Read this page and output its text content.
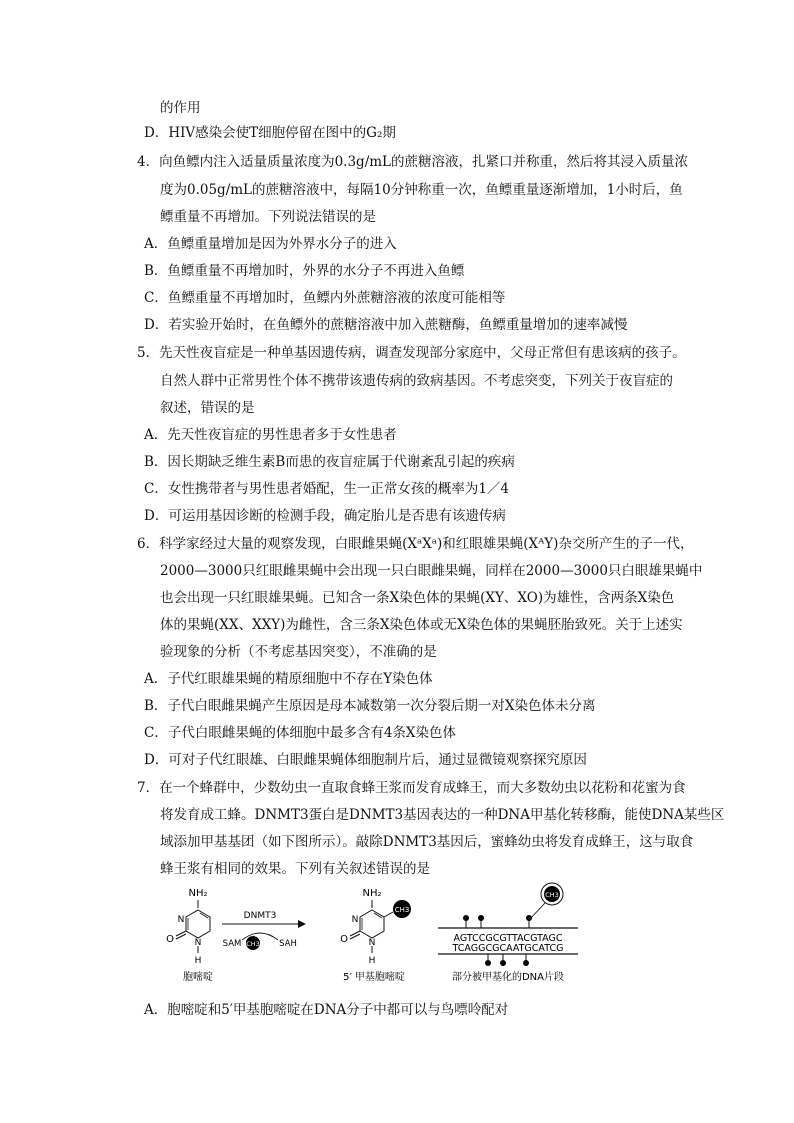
的作用
D．HIV感染会使T细胞停留在图中的G₂期
4．向鱼鳔内注入适量质量浓度为0.3g/mL的蔗糖溶液，扎紧口并称重，然后将其浸入质量浓
度为0.05g/mL的蔗糖溶液中，每隔10分钟称重一次，鱼鳔重量逐渐增加，1小时后，鱼
鳔重量不再增加。下列说法错误的是
A．鱼鳔重量增加是因为外界水分子的进入
B．鱼鳔重量不再增加时，外界的水分子不再进入鱼鳔
C．鱼鳔重量不再增加时，鱼鳔内外蔗糖溶液的浓度可能相等
D．若实验开始时，在鱼鳔外的蔗糖溶液中加入蔗糖酶，鱼鳔重量增加的速率减慢
5．先天性夜盲症是一种单基因遗传病，调查发现部分家庭中，父母正常但有患该病的孩子。
自然人群中正常男性个体不携带该遗传病的致病基因。不考虑突变，下列关于夜盲症的
叙述，错误的是
A．先天性夜盲症的男性患者多于女性患者
B．因长期缺乏维生素B而患的夜盲症属于代谢紊乱引起的疾病
C．女性携带者与男性患者婚配，生一正常女孩的概率为1／4
D．可运用基因诊断的检测手段，确定胎儿是否患有该遗传病
6．科学家经过大量的观察发现，白眼雌果蝇(XᵃXᵃ)和红眼雄果蝇(XᴬY)杂交所产生的子一代，
2000—3000只红眼雌果蝇中会出现一只白眼雌果蝇，同样在2000—3000只白眼雄果蝇中
也会出现一只红眼雄果蝇。已知含一条X染色体的果蝇(XY、XO)为雄性，含两条X染色
体的果蝇(XX、XXY)为雌性，含三条X染色体或无X染色体的果蝇胚胎致死。关于上述实
验现象的分析（不考虑基因突变），不准确的是
A．子代红眼雄果蝇的精原细胞中不存在Y染色体
B．子代白眼雌果蝇产生原因是母本减数第一次分裂后期一对X染色体未分离
C．子代白眼雌果蝇的体细胞中最多含有4条X染色体
D．可对子代红眼雄、白眼雌果蝇体细胞制片后，通过显微镜观察探究原因
7．在一个蜂群中，少数幼虫一直取食蜂王浆而发育成蜂王，而大多数幼虫以花粉和花蜜为食
将发育成工蜂。DNMT3蛋白是DNMT3基因表达的一种DNA甲基化转移酶，能使DNA某些区
域添加甲基基团（如下图所示）。敲除DNMT3基因后，蜜蜂幼虫将发育成蜂王，这与取食
蜂王浆有相同的效果。下列有关叙述错误的是
NH₂
N
N
O
H
胞嘧啶
DNMT3
SAM CH3 SAH
NH₂
CH3
N
N
O
H
5′ 甲基胞嘧啶
CH3
AGTCCGCGTTACGTAGC
TCAGGCGCAATGCATCG
部分被甲基化的DNA片段
A．胞嘧啶和5′甲基胞嘧啶在DNA分子中都可以与鸟嘌呤配对
